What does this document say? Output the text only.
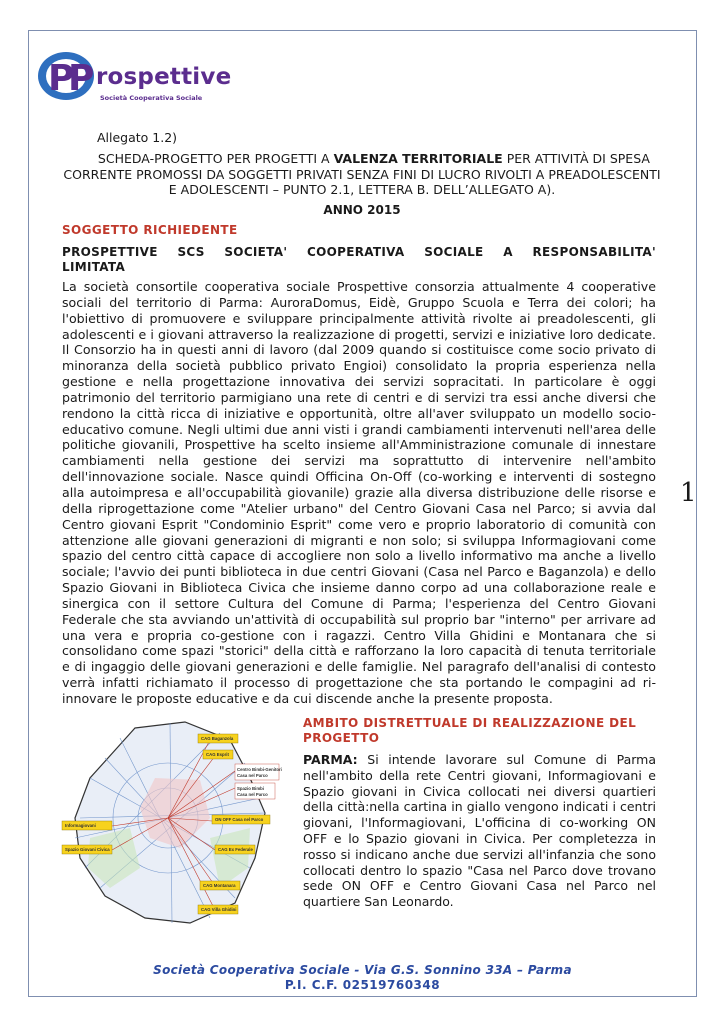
P
P rospettive
Società Cooperativa Sociale
Allegato 1.2)
SCHEDA-PROGETTO PER PROGETTI A VALENZA TERRITORIALE PER ATTIVITÀ DI SPESA CORRENTE PROMOSSI DA SOGGETTI PRIVATI SENZA FINI DI LUCRO RIVOLTI A PREADOLESCENTI E ADOLESCENTI – PUNTO 2.1, LETTERA B. DELL’ALLEGATO A).
ANNO 2015
SOGGETTO RICHIEDENTE
PROSPETTIVE SCS SOCIETA' COOPERATIVA SOCIALE A RESPONSABILITA'
LIMITATA
La società consortile cooperativa sociale Prospettive consorzia attualmente 4 cooperative sociali del territorio di Parma: AuroraDomus, Eidè, Gruppo Scuola e Terra dei colori; ha l'obiettivo di promuovere e sviluppare principalmente attività rivolte ai preadolescenti, gli adolescenti e i giovani attraverso la realizzazione di progetti, servizi e iniziative loro dedicate. Il Consorzio ha in questi anni di lavoro (dal 2009 quando si costituisce come socio privato di minoranza della società pubblico privato Engioi) consolidato la propria esperienza nella gestione e nella progettazione innovativa dei servizi sopracitati. In particolare è oggi patrimonio del territorio parmigiano una rete di centri e di servizi tra essi anche diversi che rendono la città ricca di iniziative e opportunità, oltre all'aver sviluppato un modello socio-educativo comune. Negli ultimi due anni visti i grandi cambiamenti intervenuti nell'area delle politiche giovanili, Prospettive ha scelto insieme all'Amministrazione comunale di innestare cambiamenti nella gestione dei servizi ma soprattutto di intervenire nell'ambito dell'innovazione sociale. Nasce quindi Officina On-Off (co-working e interventi di sostegno alla autoimpresa e all'occupabilità giovanile) grazie alla diversa distribuzione delle risorse e della riprogettazione come "Atelier urbano" del Centro Giovani Casa nel Parco; si avvia dal Centro giovani Esprit "Condominio Esprit" come vero e proprio laboratorio di comunità con attenzione alle giovani generazioni di migranti e non solo; si sviluppa Informagiovani come spazio del centro città capace di accogliere non solo a livello informativo ma anche a livello sociale; l'avvio dei punti biblioteca in due centri Giovani (Casa nel Parco e Baganzola) e dello Spazio Giovani in Biblioteca Civica che insieme danno corpo ad una collaborazione reale e sinergica con il settore Cultura del Comune di Parma; l'esperienza del Centro Giovani Federale che sta avviando un'attività di occupabilità sul proprio bar "interno" per arrivare ad una vera e propria co-gestione con i ragazzi. Centro Villa Ghidini e Montanara che si consolidano come spazi "storici" della città e rafforzano la loro capacità di tenuta territoriale e di ingaggio delle giovani generazioni e delle famiglie. Nel paragrafo dell'analisi di contesto verrà infatti richiamato il processo di progettazione che sta portando le compagini ad ri-innovare le proposte educative e da cui discende anche la presente proposta.
1
CAG Baganzola
CAG Esprit
Centro Bimbi-Genitori
Casa nel Parco
Spazio Bimbi
Casa nel Parco
Informagiovani
ON OFF Casa nel Parco
Spazio Giovani Civica	CAG Ex Federale
CAG Montanara
CAG Villa Ghidini
AMBITO DISTRETTUALE DI REALIZZAZIONE DEL PROGETTO
PARMA: Si intende lavorare sul Comune di Parma nell'ambito della rete Centri giovani, Informagiovani e Spazio giovani in Civica collocati nei diversi quartieri della città:nella cartina in giallo vengono indicati i centri giovani, l'Informagiovani, L'officina di co-working ON OFF e lo Spazio giovani in Civica. Per completezza in rosso si indicano anche due servizi all'infanzia che sono collocati dentro lo spazio "Casa nel Parco dove trovano sede ON OFF e Centro Giovani Casa nel Parco nel quartiere San Leonardo.
Società Cooperativa Sociale - Via G.S. Sonnino 33A – Parma
P.I. C.F. 02519760348
